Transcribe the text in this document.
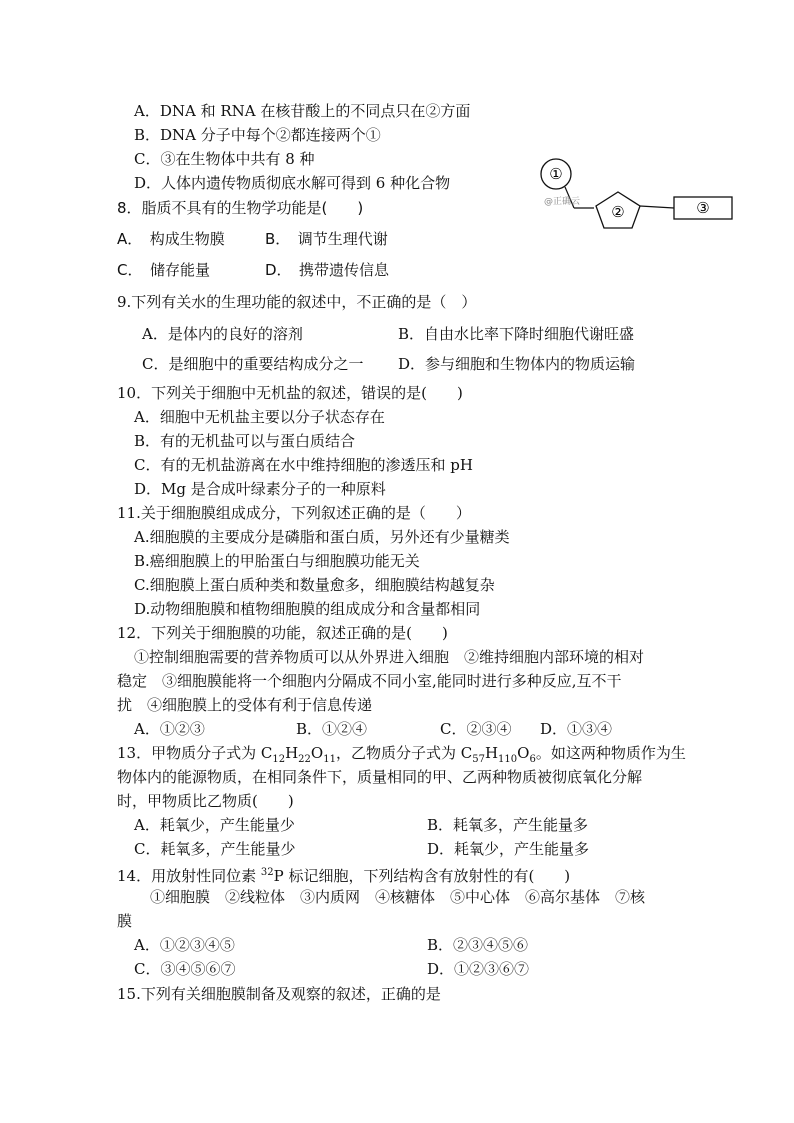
A．DNA 和 RNA 在核苷酸上的不同点只在②方面
B．DNA 分子中每个②都连接两个①
C．③在生物体中共有 8 种
D．人体内遗传物质彻底水解可得到 6 种化合物	①
②	③
@正确云
8．脂质不具有的生物学功能是(　　)
A．　构成生物膜	B．　调节生理代谢
C．　储存能量	D．　携带遗传信息
9.下列有关水的生理功能的叙述中，不正确的是（　）
A．是体内的良好的溶剂	B．自由水比率下降时细胞代谢旺盛
C．是细胞中的重要结构成分之一 D．参与细胞和生物体内的物质运输
10．下列关于细胞中无机盐的叙述，错误的是(　　)
A．细胞中无机盐主要以分子状态存在
B．有的无机盐可以与蛋白质结合
C．有的无机盐游离在水中维持细胞的渗透压和 pH
D．Mg 是合成叶绿素分子的一种原料
11.关于细胞膜组成成分，下列叙述正确的是（　　）
A.细胞膜的主要成分是磷脂和蛋白质，另外还有少量糖类
B.癌细胞膜上的甲胎蛋白与细胞膜功能无关
C.细胞膜上蛋白质种类和数量愈多，细胞膜结构越复杂
D.动物细胞膜和植物细胞膜的组成成分和含量都相同
12．下列关于细胞膜的功能，叙述正确的是(　　)
①控制细胞需要的营养物质可以从外界进入细胞　②维持细胞内部环境的相对
稳定　③细胞膜能将一个细胞内分隔成不同小室,能同时进行多种反应,互不干
扰　④细胞膜上的受体有利于信息传递
A．①②③	B．①②④	C．②③④ D．①③④
13．甲物质分子式为 $C_{12}H_{22}O_{11}$，乙物质分子式为 $C_{57}H_{110}O_6$。如这两种物质作为生
物体内的能源物质，在相同条件下，质量相同的甲、乙两种物质被彻底氧化分解
时，甲物质比乙物质(　　)
A．耗氧少，产生能量少	B．耗氧多，产生能量多
C．耗氧多，产生能量少	D．耗氧少，产生能量多
14．用放射性同位素 $^{32}$P 标记细胞，下列结构含有放射性的有(　　)
①细胞膜　②线粒体　③内质网　④核糖体　⑤中心体　⑥高尔基体　⑦核
膜
A．①②③④⑤	B．②③④⑤⑥
C．③④⑤⑥⑦	D．①②③⑥⑦
15.下列有关细胞膜制备及观察的叙述，正确的是
